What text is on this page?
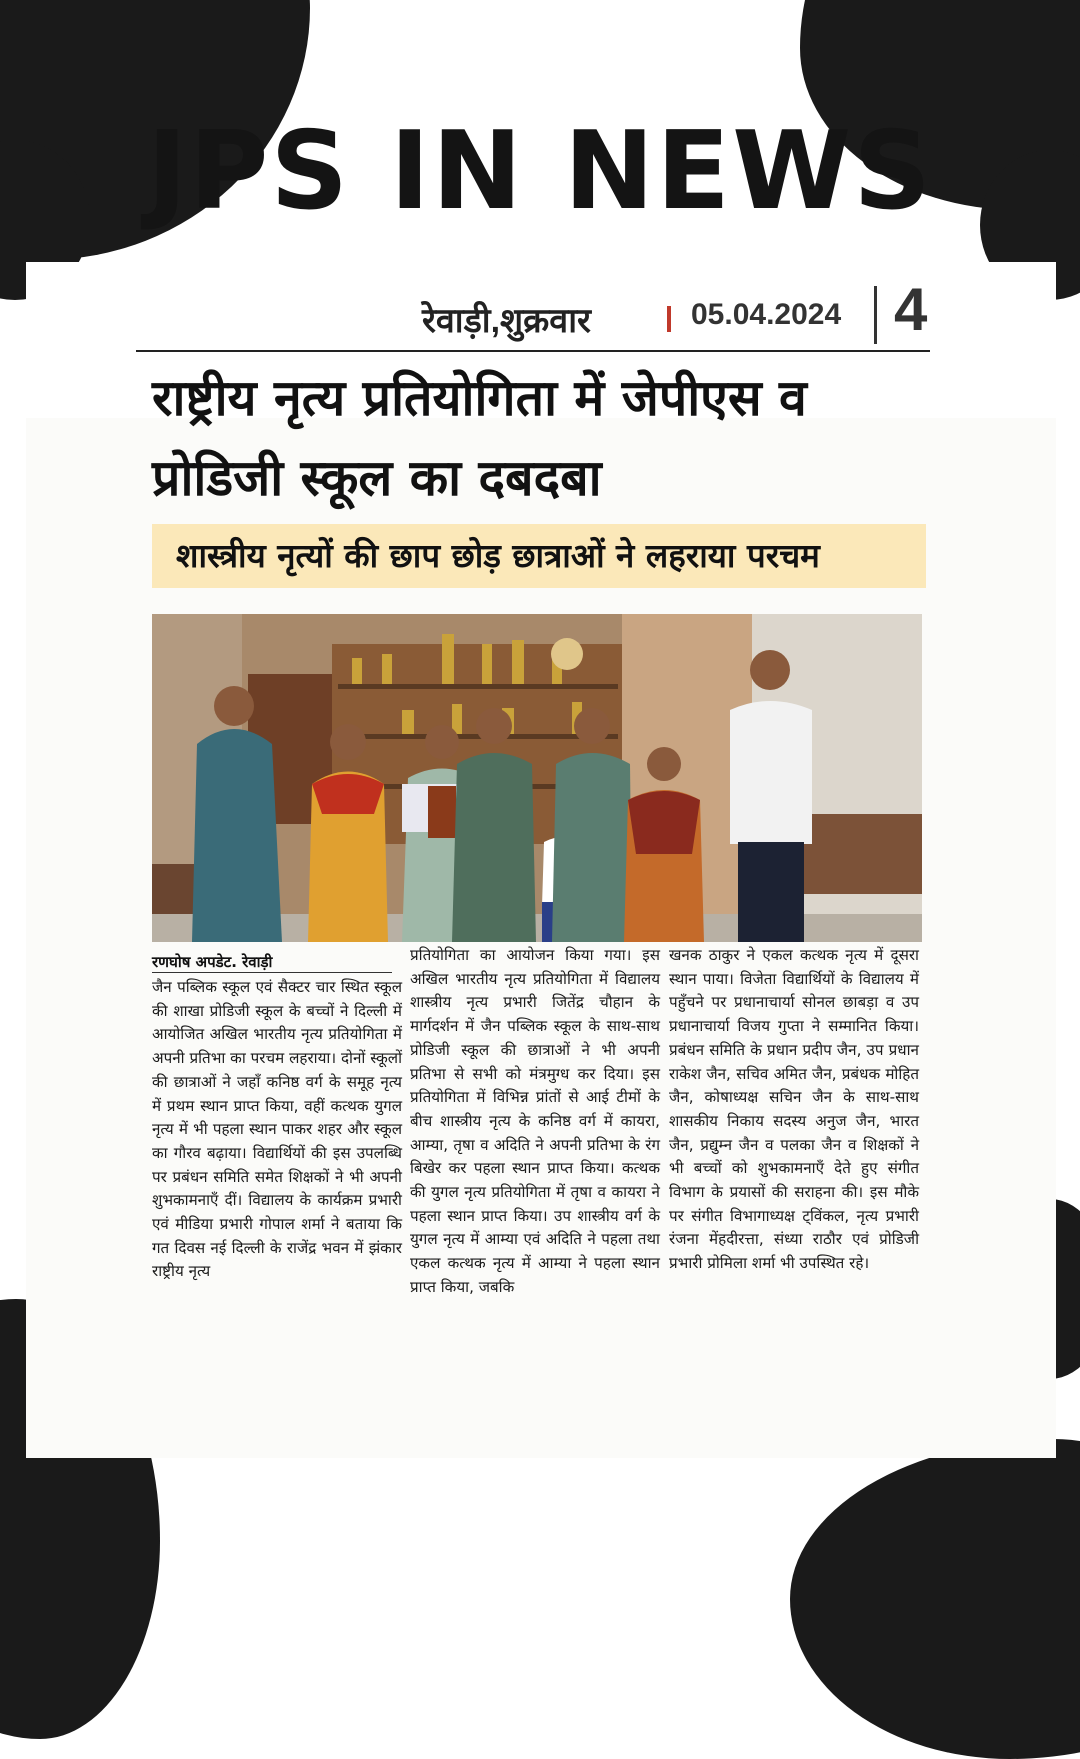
JPS IN NEWS
रेवाड़ी,शुक्रवार	05.04.2024 4
राष्ट्रीय नृत्य प्रतियोगिता में जेपीएस व प्रोडिजी स्कूल का दबदबा
शास्त्रीय नृत्यों की छाप छोड़ छात्राओं ने लहराया परचम
रणघोष अपडेट. रेवाड़ी

जैन पब्लिक स्कूल एवं सैक्टर चार स्थित स्कूल की शाखा प्रोडिजी स्कूल के बच्चों ने दिल्ली में आयोजित अखिल भारतीय नृत्य प्रतियोगिता में अपनी प्रतिभा का परचम लहराया। दोनों स्कूलों की छात्राओं ने जहाँ कनिष्ठ वर्ग के समूह नृत्य में प्रथम स्थान प्राप्त किया, वहीं कत्थक युगल नृत्य में भी पहला स्थान पाकर शहर और स्कूल का गौरव बढ़ाया। विद्यार्थियों की इस उपलब्धि पर प्रबंधन समिति समेत शिक्षकों ने भी अपनी शुभकामनाएँ दीं। विद्यालय के कार्यक्रम प्रभारी एवं मीडिया प्रभारी गोपाल शर्मा ने बताया कि गत दिवस नई दिल्ली के राजेंद्र भवन में झंकार राष्ट्रीय नृत्य

प्रतियोगिता का आयोजन किया गया। इस अखिल भारतीय नृत्य प्रतियोगिता में विद्यालय शास्त्रीय नृत्य प्रभारी जितेंद्र चौहान के मार्गदर्शन में जैन पब्लिक स्कूल के साथ-साथ प्रोडिजी स्कूल की छात्राओं ने भी अपनी प्रतिभा से सभी को मंत्रमुग्ध कर दिया। इस प्रतियोगिता में विभिन्न प्रांतों से आई टीमों के बीच शास्त्रीय नृत्य के कनिष्ठ वर्ग में कायरा, आम्या, तृषा व अदिति ने अपनी प्रतिभा के रंग बिखेर कर पहला स्थान प्राप्त किया। कत्थक की युगल नृत्य प्रतियोगिता में तृषा व कायरा ने पहला स्थान प्राप्त किया। उप शास्त्रीय वर्ग के युगल नृत्य में आम्या एवं अदिति ने पहला तथा एकल कत्थक नृत्य में आम्या ने पहला स्थान प्राप्त किया, जबकि

खनक ठाकुर ने एकल कत्थक नृत्य में दूसरा स्थान पाया। विजेता विद्यार्थियों के विद्यालय में पहुँचने पर प्रधानाचार्या सोनल छाबड़ा व उप प्रधानाचार्या विजय गुप्ता ने सम्मानित किया। प्रबंधन समिति के प्रधान प्रदीप जैन, उप प्रधान राकेश जैन, सचिव अमित जैन, प्रबंधक मोहित जैन, कोषाध्यक्ष सचिन जैन के साथ-साथ शासकीय निकाय सदस्य अनुज जैन, भारत जैन, प्रद्युम्न जैन व पलका जैन व शिक्षकों ने भी बच्चों को शुभकामनाएँ देते हुए संगीत विभाग के प्रयासों की सराहना की। इस मौके पर संगीत विभागाध्यक्ष ट्विंकल, नृत्य प्रभारी रंजना मेंहदीरत्ता, संध्या राठौर एवं प्रोडिजी प्रभारी प्रोमिला शर्मा भी उपस्थित रहे।
